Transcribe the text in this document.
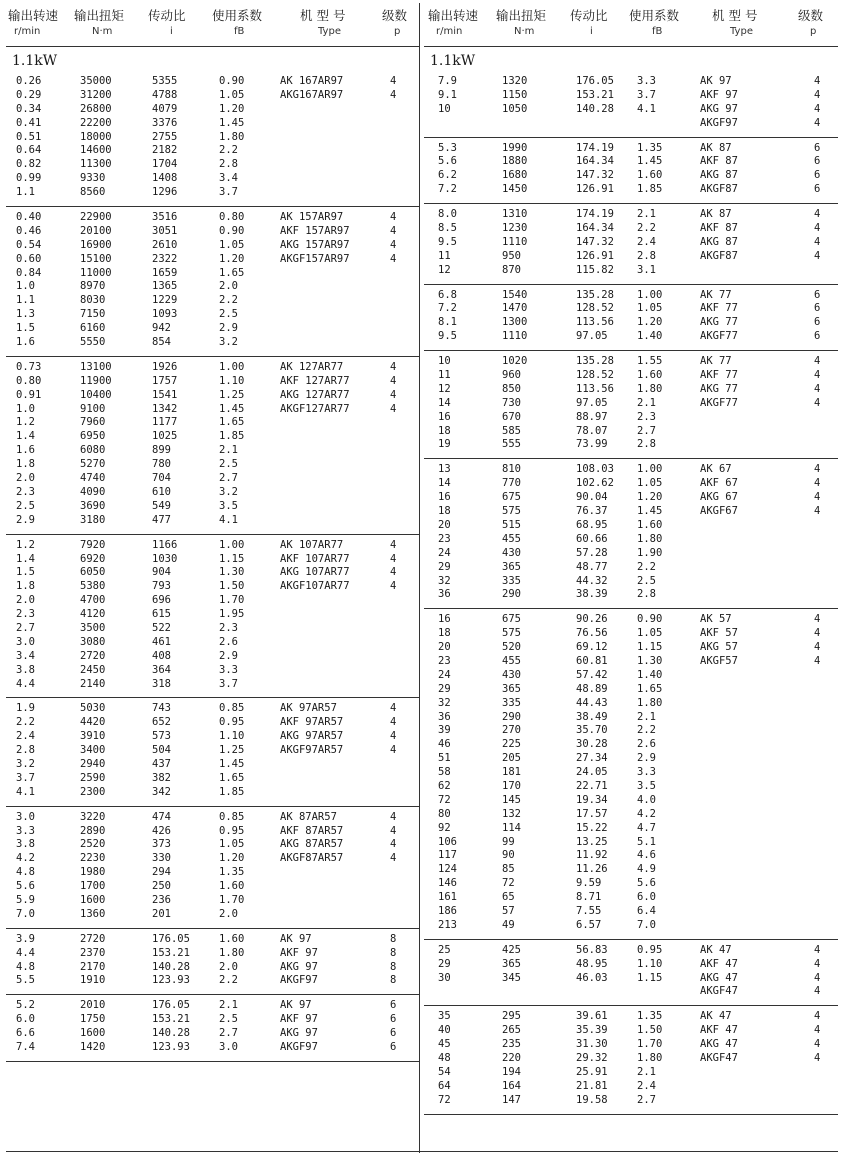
输出转速 输出扭矩 传动比 使用系数	机 型 号	级数
r/min	N·m	i	fB	Type	p
1.1kW
0.26	35000	5355	0.90	AK 167AR97	4
0.29	31200	4788	1.05	AKG167AR97	4
0.34	26800	4079	1.20
0.41	22200	3376	1.45
0.51	18000	2755	1.80
0.64	14600	2182	2.2
0.82	11300	1704	2.8
0.99	9330	1408	3.4
1.1	8560	1296	3.7
0.40	22900	3516	0.80	AK 157AR97	4
0.46	20100	3051	0.90	AKF 157AR97	4
0.54	16900	2610	1.05	AKG 157AR97	4
0.60	15100	2322	1.20	AKGF157AR97	4
0.84	11000	1659	1.65
1.0	8970	1365	2.0
1.1	8030	1229	2.2
1.3	7150	1093	2.5
1.5	6160	942	2.9
1.6	5550	854	3.2
0.73	13100	1926	1.00	AK 127AR77	4
0.80	11900	1757	1.10	AKF 127AR77	4
0.91	10400	1541	1.25	AKG 127AR77	4
1.0	9100	1342	1.45	AKGF127AR77	4
1.2	7960	1177	1.65
1.4	6950	1025	1.85
1.6	6080	899	2.1
1.8	5270	780	2.5
2.0	4740	704	2.7
2.3	4090	610	3.2
2.5	3690	549	3.5
2.9	3180	477	4.1
1.2	7920	1166	1.00	AK 107AR77	4
1.4	6920	1030	1.15	AKF 107AR77	4
1.5	6050	904	1.30	AKG 107AR77	4
1.8	5380	793	1.50	AKGF107AR77	4
2.0	4700	696	1.70
2.3	4120	615	1.95
2.7	3500	522	2.3
3.0	3080	461	2.6
3.4	2720	408	2.9
3.8	2450	364	3.3
4.4	2140	318	3.7
1.9	5030	743	0.85	AK 97AR57	4
2.2	4420	652	0.95	AKF 97AR57	4
2.4	3910	573	1.10	AKG 97AR57	4
2.8	3400	504	1.25	AKGF97AR57	4
3.2	2940	437	1.45
3.7	2590	382	1.65
4.1	2300	342	1.85
3.0	3220	474	0.85	AK 87AR57	4
3.3	2890	426	0.95	AKF 87AR57	4
3.8	2520	373	1.05	AKG 87AR57	4
4.2	2230	330	1.20	AKGF87AR57	4
4.8	1980	294	1.35
5.6	1700	250	1.60
5.9	1600	236	1.70
7.0	1360	201	2.0
3.9	2720	176.05	1.60	AK 97	8
4.4	2370	153.21	1.80	AKF 97	8
4.8	2170	140.28	2.0	AKG 97	8
5.5	1910	123.93	2.2	AKGF97	8
5.2	2010	176.05	2.1	AK 97	6
6.0	1750	153.21	2.5	AKF 97	6
6.6	1600	140.28	2.7	AKG 97	6
7.4	1420	123.93	3.0	AKGF97	6
输出转速 输出扭矩 传动比 使用系数	机 型 号	级数
r/min	N·m	i	fB	Type	p
1.1kW
7.9	1320	176.05 3.3	AK 97	4
9.1	1150	153.21 3.7	AKF 97	4
10	1050	140.28 4.1	AKG 97	4
AKGF97	4
5.3	1990	174.19 1.35	AK 87	6
5.6	1880	164.34 1.45	AKF 87	6
6.2	1680	147.32 1.60	AKG 87	6
7.2	1450	126.91 1.85	AKGF87	6
8.0	1310	174.19 2.1	AK 87	4
8.5	1230	164.34 2.2	AKF 87	4
9.5	1110	147.32 2.4	AKG 87	4
11	950	126.91 2.8	AKGF87	4
12	870	115.82 3.1
6.8	1540	135.28 1.00	AK 77	6
7.2	1470	128.52 1.05	AKF 77	6
8.1	1300	113.56 1.20	AKG 77	6
9.5	1110	97.05	1.40	AKGF77	6
10	1020	135.28 1.55	AK 77	4
11	960	128.52 1.60	AKF 77	4
12	850	113.56 1.80	AKG 77	4
14	730	97.05	2.1	AKGF77	4
16	670	88.97	2.3
18	585	78.07	2.7
19	555	73.99	2.8
13	810	108.03 1.00	AK 67	4
14	770	102.62 1.05	AKF 67	4
16	675	90.04	1.20	AKG 67	4
18	575	76.37	1.45	AKGF67	4
20	515	68.95	1.60
23	455	60.66	1.80
24	430	57.28	1.90
29	365	48.77	2.2
32	335	44.32	2.5
36	290	38.39	2.8
16	675	90.26	0.90	AK 57	4
18	575	76.56	1.05	AKF 57	4
20	520	69.12	1.15	AKG 57	4
23	455	60.81	1.30	AKGF57	4
24	430	57.42	1.40
29	365	48.89	1.65
32	335	44.43	1.80
36	290	38.49	2.1
39	270	35.70	2.2
46	225	30.28	2.6
51	205	27.34	2.9
58	181	24.05	3.3
62	170	22.71	3.5
72	145	19.34	4.0
80	132	17.57	4.2
92	114	15.22	4.7
106	99	13.25	5.1
117	90	11.92	4.6
124	85	11.26	4.9
146	72	9.59	5.6
161	65	8.71	6.0
186	57	7.55	6.4
213	49	6.57	7.0
25	425	56.83	0.95	AK 47	4
29	365	48.95	1.10	AKF 47	4
30	345	46.03	1.15	AKG 47	4
AKGF47	4
35	295	39.61	1.35	AK 47	4
40	265	35.39	1.50	AKF 47	4
45	235	31.30	1.70	AKG 47	4
48	220	29.32	1.80	AKGF47	4
54	194	25.91	2.1
64	164	21.81	2.4
72	147	19.58	2.7
